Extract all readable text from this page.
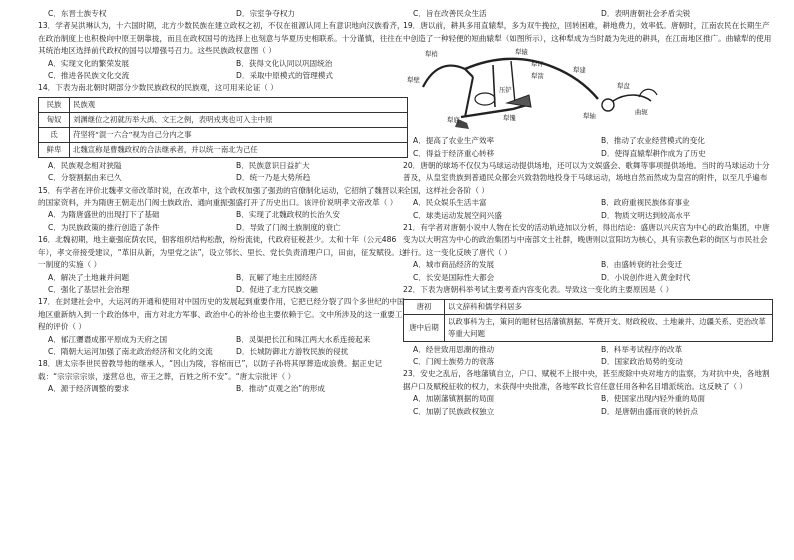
C．东晋士族专权	D．宗室争夺权力

13．学者吴洪琳认为，十六国时期，北方少数民族在建立政权之初，不仅在祖源认同上有意识地向汉族看齐，在政治制度上也积极向中原王朝靠拢，而且在政权国号的选择上也刻意与华夏历史相联系。十分谨慎，往往在其统治地区选择前代政权的国号以增强号召力。这些民族政权意图（ ）

A．实现文化的繁荣发展	B．获得文化认同以巩固统治
C．推进各民族文化交流	D．采取中原模式的管理模式

14．下表为南北朝时期部分少数民族政权的民族观，这可用来论证（ ）

民族	民族观
匈奴	刘渊继位之初就历举大禹、文王之例，表明戎夷也可入主中原
氐	苻坚将“混一六合”视为自己分内之事
鲜卑	北魏宣称是曹魏政权的合法继承者，并以统一南北为己任
A．民族观念相对狭隘	B．民族意识日益扩大
C．分裂割据由来已久	D．统一乃是大势所趋

15．有学者在评价北魏孝文帝改革时说，在改革中，这个政权加强了强劲的官僚制化运动，它招纳了魏晋以来的国家资料，并为隋唐王朝走出门阀士族政治、通向重振强盛打开了历史出口。该评价说明孝文帝改革（ ）

A．为隋唐盛世的出现打下了基础	B．实现了北魏政权的长治久安
C．为民族政策的推行创造了条件	D．导致了门阀士族制度的衰亡

16．北魏初期，地主豪强庇荫农民，佃客组织结构松散，纷纷流徙，代政府征税甚少。太和十年（公元486年），孝文帝接受建议，“革旧从新，为里党之法”，设立邻长、里长、党长负责清理户口，田亩，征发赋役。这一制度的实施（ ）

A．解决了土地兼并问题	B．瓦解了地主庄园经济
C．强化了基层社会治理	D．促进了北方民族交融

17．在封建社会中，大运河的开通和使用对中国历史的发展起到重要作用，它把已经分裂了四个多世纪的中国地区重新纳入到一个政治体中，南方对北方军事、政治中心的补给也主要依赖于它。文中所涉及的这一重要工程的评价（ ）

A．郁江瓕谮成都平原成为天府之国	B．灵渠把长江和珠江两大水系连接起来
C．隋朝大运河加强了南北政治经济和文化的交流	D．长城防御北方游牧民族的侵扰

18．唐太宗李世民曾教导他的继承人，“因山为陵，容棺而已”，以防子孙将其厚葬造成浪费。据正史记载：“宗宗宗宗崇，遂营总也，帝王之葬，百姓之所不安”。“唐太宗批评（ ）

A．源于经济调整的要求	B．推动“贞观之治”的形成
C．旨在改善民众生活	D．表明唐朝社会矛盾尖锐

19．唐以前，耕具多用直辕犁，多为双牛挽拉，回转困难，耕地费力，效率低。唐朝时，江南农民在长期生产中创造了一种轻便的短曲辕犁（如图所示），这种犁成为当时最为先进的耕具，在江南地区推广。曲辕犁的使用

犁梢	犁辕
犁评
犁箭
犁建
犁盘
犁壁
压铲
犁底	犁镵	犁轴	曲轭
A．提高了农业生产效率	B．推动了农业经营模式的变化
C．得益于经济重心转移	D．使得直辕犁耕作成为了历史

20．唐朝的球场不仅仅为马球运动提供场地，还可以为文娱盛会、歌舞等事项提供场地。当时的马球运动十分普及，从皇室贵族到普通民众都会兴致勃勃地投身于马球运动，场地自然而然成为皇宫的附件，以至几乎遍布全国，这样社会各阶（ ）

A．民众娱乐生活丰富	B．政府重视民族体育事业
C．球类运动发展空间兴盛	D．物质文明达到较高水平

21．有学者对唐朝小说中人物在长安的活动轨迹加以分析，得出结论：盛唐以兴庆宫为中心的政治集团，中唐变为以大明宫为中心的政治集团与中南部文士社群，晚唐则以宣阳坊为核心，具有宗教色彩的街区与市民社会并行。这一变化反映了唐代（ ）

A．城市商品经济的发展	B．由盛转衰的社会变迁
C．长安是国际性大都会	D．小说创作进入黄金时代

22．下表为唐朝科举考试主要考查内容变化表。导致这一变化的主要原因是（ ）

唐初	以文辞科和儒学科居多
唐中后期	以政事科为主，策问的题材包括藩镇割据、军费开支、财政税收、土地兼并、边疆关系、吏治改革等重大问题
A．经世致用思潮的推动	B．科举考试程序的改革
C．门阀士族势力的衰落	D．国家政治局势的变动

23．安史之乱后，各地藩镇自立，户口、赋税不上报中央，甚至废除中央对地方的监察，为对抗中央，各地割据户口及赋税征收的权力，未获得中央批准，各地军政长官任意任用各种名目增派统治。这反映了（ ）

A．加剧藩镇割据的局面	B．使国家出现内轻外重的局面
C．加剧了民族政权独立	D．是唐朝由盛而衰的转折点
